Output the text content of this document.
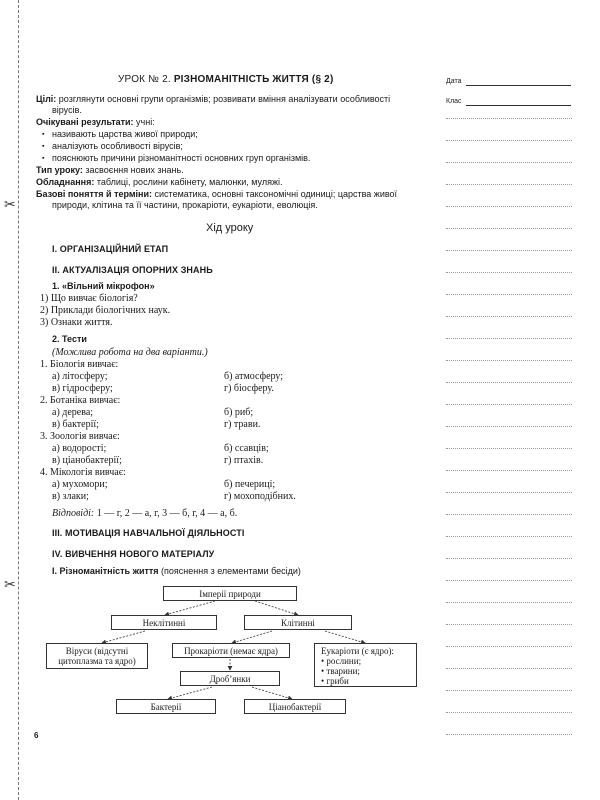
✂
✂
Дата
Клас
УРОК № 2. РІЗНОМАНІТНІСТЬ ЖИТТЯ (§ 2)
Цілі: розглянути основні групи організмів; розвивати вміння аналізувати особливості
вірусів.
Очікувані результати: учні:
▪ називають царства живої природи;
▪ аналізують особливості вірусів;
▪ пояснюють причини різноманітності основних груп організмів.
Тип уроку: засвоєння нових знань.
Обладнання: таблиці, рослини кабінету, малюнки, муляжі.
Базові поняття й терміни: систематика, основні таксономічні одиниці; царства живої
природи, клітина та її частини, прокаріоти, еукаріоти, еволюція.
Хід уроку
І. ОРГАНІЗАЦІЙНИЙ ЕТАП
ІІ. АКТУАЛІЗАЦІЯ ОПОРНИХ ЗНАНЬ
1. «Вільний мікрофон»
1) Що вивчає біологія?
2) Приклади біологічних наук.
3) Ознаки життя.
2. Тести
(Можлива робота на два варіанти.)
1. Біологія вивчає:
а) літосферу;	б) атмосферу;
в) гідросферу;	г) біосферу.
2. Ботаніка вивчає:
а) дерева;	б) риб;
в) бактерії;	г) трави.
3. Зоологія вивчає:
а) водорості;	б) ссавців;
в) ціанобактерії;	г) птахів.
4. Мікологія вивчає:
а) мухомори;	б) печериці;
в) злаки;	г) мохоподібних.
Відповіді: 1 — г, 2 — а, г, 3 — б, г, 4 — а, б.
ІІІ. МОТИВАЦІЯ НАВЧАЛЬНОЇ ДІЯЛЬНОСТІ
IV. ВИВЧЕННЯ НОВОГО МАТЕРІАЛУ
І. Різноманітність життя (пояснення з елементами бесіди)
Імперії природи
Неклітинні	Клітинні
Віруси (відсутні
цитоплазма та ядро)
Прокаріоти (немає ядра)	Еукаріоти (є ядро):
• рослини;
• тварини;
• гриби
Дроб’янки
Бактерії	Ціанобактерії
6
